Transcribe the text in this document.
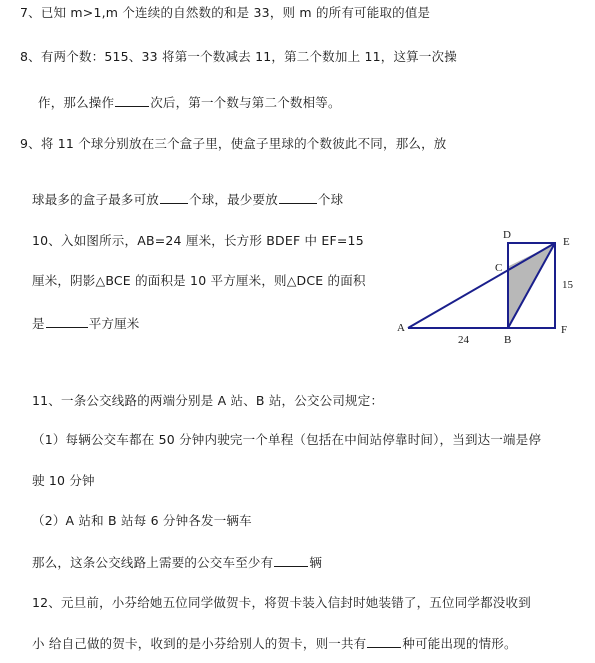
7、已知 m>1,m 个连续的自然数的和是 33，则 m 的所有可能取的值是
8、有两个数：515、33 将第一个数减去 11，第二个数加上 11，这算一次操
作，那么操作	次后，第一个数与第二个数相等。
9、将 11 个球分别放在三个盒子里，使盒子里球的个数彼此不同，那么，放
球最多的盒子最多可放 个球，最少要放	个球
10、入如图所示，AB=24 厘米，长方形 BDEF 中 EF=15
厘米，阴影△BCE 的面积是 10 平方厘米，则△DCE 的面积
是	平方厘米
D
E
C
15
A	F
B
24
11、一条公交线路的两端分别是 A 站、B 站，公交公司规定：
（1）每辆公交车都在 50 分钟内驶完一个单程（包括在中间站停靠时间），当到达一端是停
驶 10 分钟
（2）A 站和 B 站每 6 分钟各发一辆车
那么，这条公交线路上需要的公交车至少有	辆
12、元旦前，小芬给她五位同学做贺卡，将贺卡装入信封时她装错了，五位同学都没收到
小 给自己做的贺卡，收到的是小芬给别人的贺卡，则一共有	种可能出现的情形。
